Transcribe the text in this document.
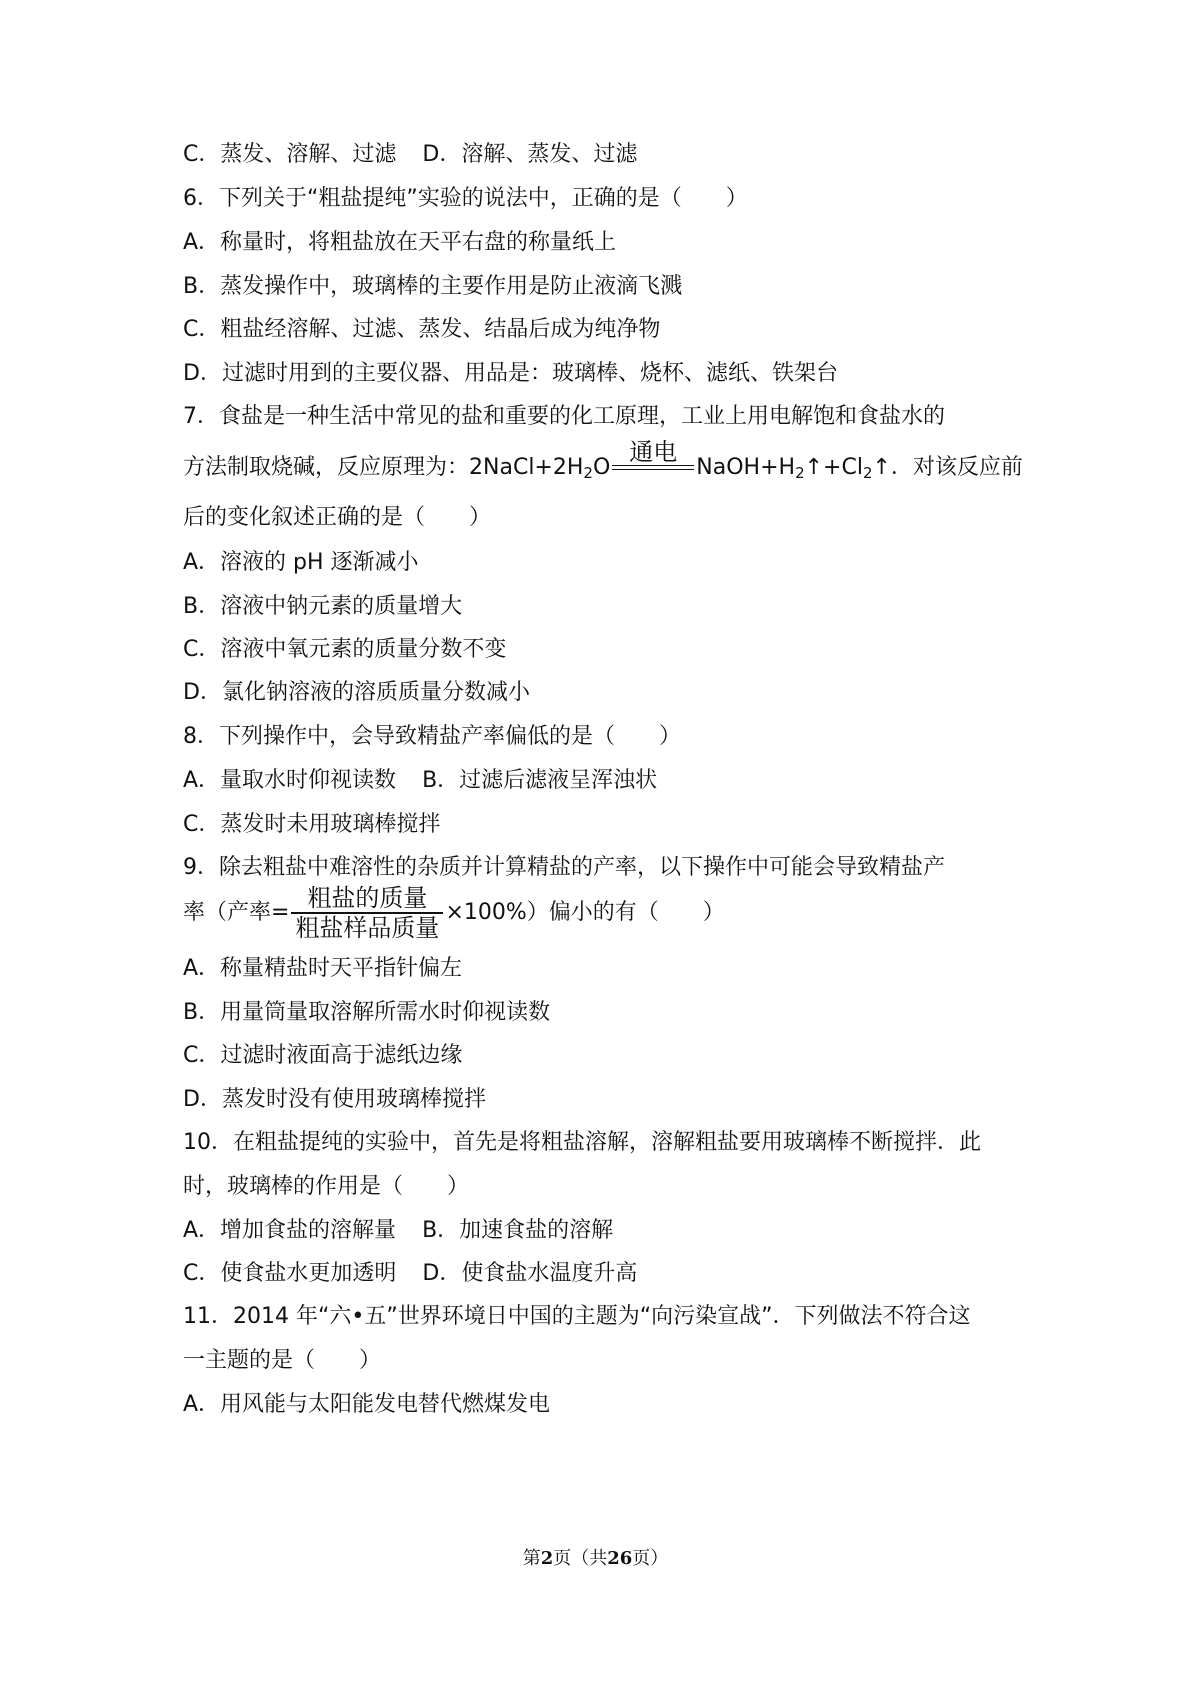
C．蒸发、溶解、过滤 D．溶解、蒸发、过滤
6．下列关于“粗盐提纯”实验的说法中，正确的是（　　）
A．称量时，将粗盐放在天平右盘的称量纸上
B．蒸发操作中，玻璃棒的主要作用是防止液滴飞溅
C．粗盐经溶解、过滤、蒸发、结晶后成为纯净物
D．过滤时用到的主要仪器、用品是：玻璃棒、烧杯、滤纸、铁架台
7．食盐是一种生活中常见的盐和重要的化工原理，工业上用电解饱和食盐水的
方法制取烧碱，反应原理为：$2NaCl+2H_2O$
通电
$NaOH+H_2↑+Cl_2↑$．对该反应前
后的变化叙述正确的是（　　）
A．溶液的 pH 逐渐减小
B．溶液中钠元素的质量增大
C．溶液中氧元素的质量分数不变
D．氯化钠溶液的溶质质量分数减小
8．下列操作中，会导致精盐产率偏低的是（　　）
A．量取水时仰视读数 B．过滤后滤液呈浑浊状
C．蒸发时未用玻璃棒搅拌
9．除去粗盐中难溶性的杂质并计算精盐的产率，以下操作中可能会导致精盐产
率（产率= $\frac{\text{粗盐的质量}}{\text{粗盐样品质量}} \times 100\%$）偏小的有（　　）
A．称量精盐时天平指针偏左
B．用量筒量取溶解所需水时仰视读数
C．过滤时液面高于滤纸边缘
D．蒸发时没有使用玻璃棒搅拌
10．在粗盐提纯的实验中，首先是将粗盐溶解，溶解粗盐要用玻璃棒不断搅拌．此
时，玻璃棒的作用是（　　）
A．增加食盐的溶解量 B．加速食盐的溶解
C．使食盐水更加透明 D．使食盐水温度升高
11．2014 年“六•五”世界环境日中国的主题为“向污染宣战”．下列做法不符合这
一主题的是（　　）
A．用风能与太阳能发电替代燃煤发电
第2页（共26页）
